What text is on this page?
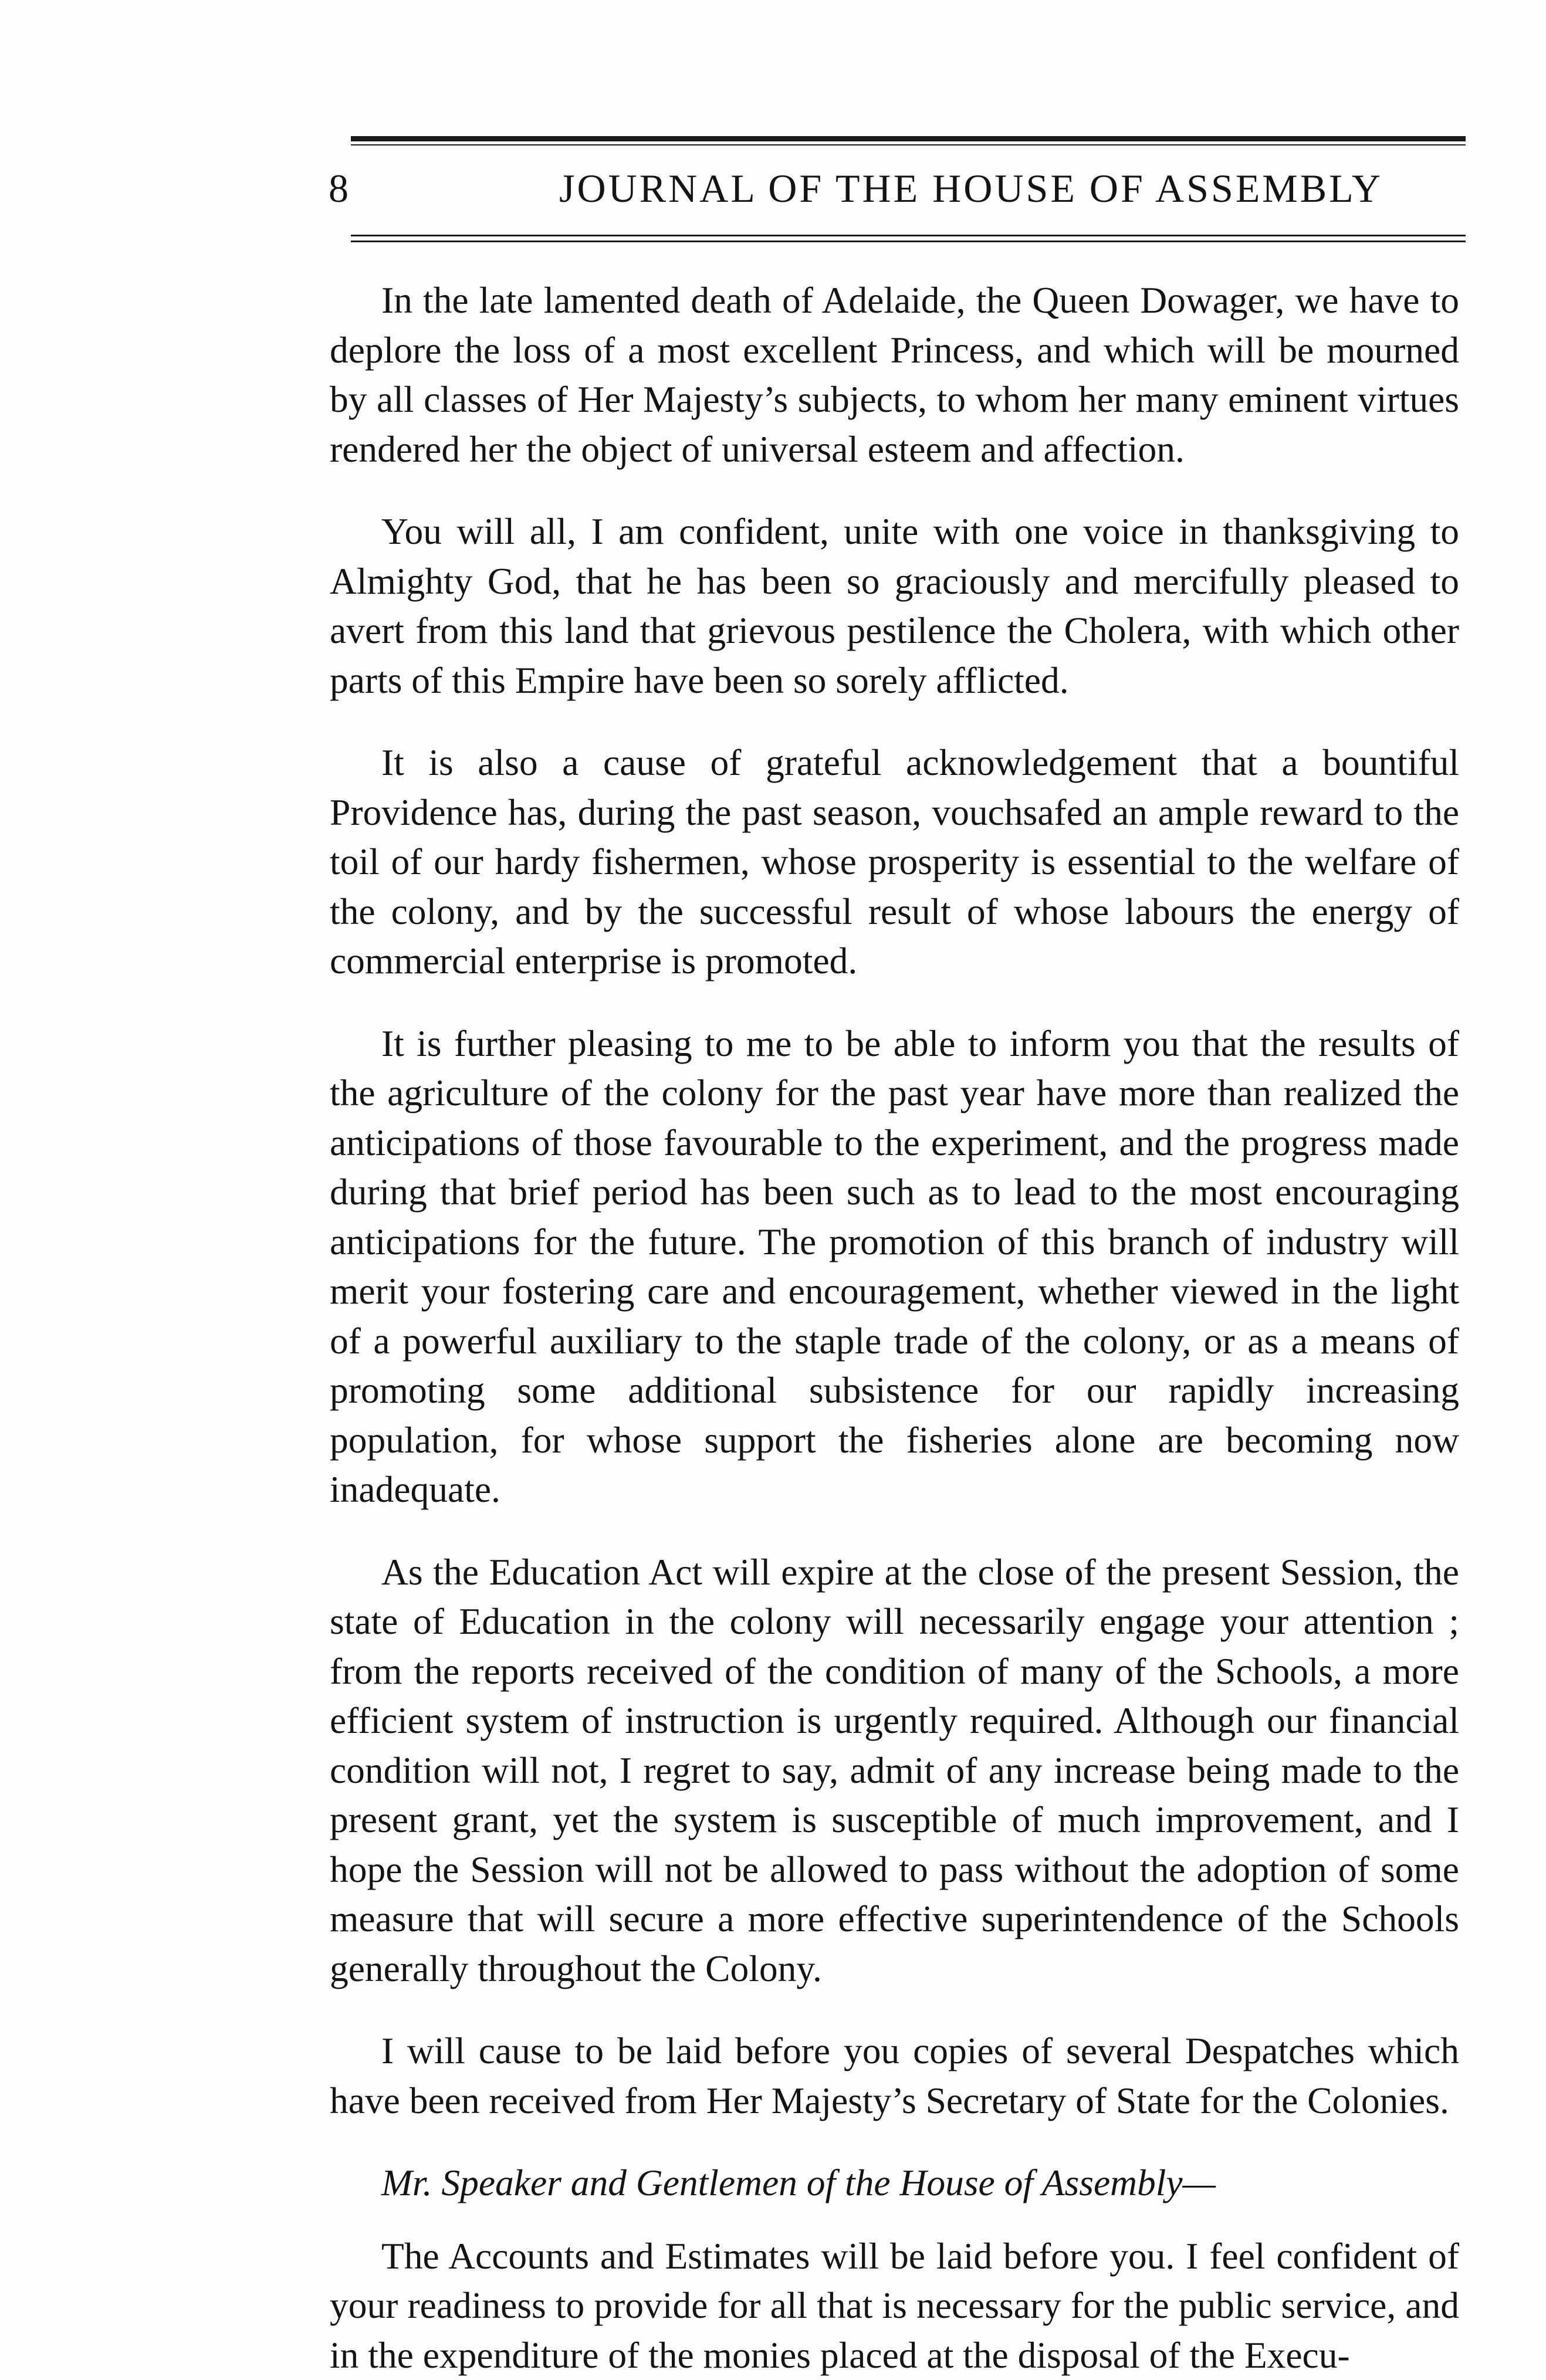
8	JOURNAL OF THE HOUSE OF ASSEMBLY

In the late lamented death of Adelaide, the Queen Dowager, we have to deplore the loss of a most excellent Princess, and which will be mourned by all classes of Her Majesty’s subjects, to whom her many eminent virtues rendered her the object of universal esteem and affection.

You will all, I am confident, unite with one voice in thanksgiving to Almighty God, that he has been so graciously and mercifully pleased to avert from this land that grievous pestilence the Cholera, with which other parts of this Empire have been so sorely afflicted.

It is also a cause of grateful acknowledgement that a bountiful Providence has, during the past season, vouchsafed an ample reward to the toil of our hardy fishermen, whose prosperity is essential to the welfare of the colony, and by the successful result of whose labours the energy of commercial enterprise is promoted.

It is further pleasing to me to be able to inform you that the results of the agriculture of the colony for the past year have more than realized the anticipations of those favourable to the experiment, and the progress made during that brief period has been such as to lead to the most encouraging anticipations for the future. The promotion of this branch of industry will merit your fostering care and encouragement, whether viewed in the light of a powerful auxiliary to the staple trade of the colony, or as a means of promoting some additional subsistence for our rapidly increasing population, for whose support the fisheries alone are becoming now inadequate.

As the Education Act will expire at the close of the present Session, the state of Education in the colony will necessarily engage your attention ; from the reports received of the condition of many of the Schools, a more efficient system of instruction is urgently required. Although our financial condition will not, I regret to say, admit of any increase being made to the present grant, yet the system is susceptible of much improvement, and I hope the Session will not be allowed to pass without the adoption of some measure that will secure a more effective superintendence of the Schools generally throughout the Colony.

I will cause to be laid before you copies of several Despatches which have been received from Her Majesty’s Secretary of State for the Colonies.

Mr. Speaker and Gentlemen of the House of Assembly—

The Accounts and Estimates will be laid before you. I feel confident of your readiness to provide for all that is necessary for the public service, and in the expenditure of the monies placed at the disposal of the Execu-
